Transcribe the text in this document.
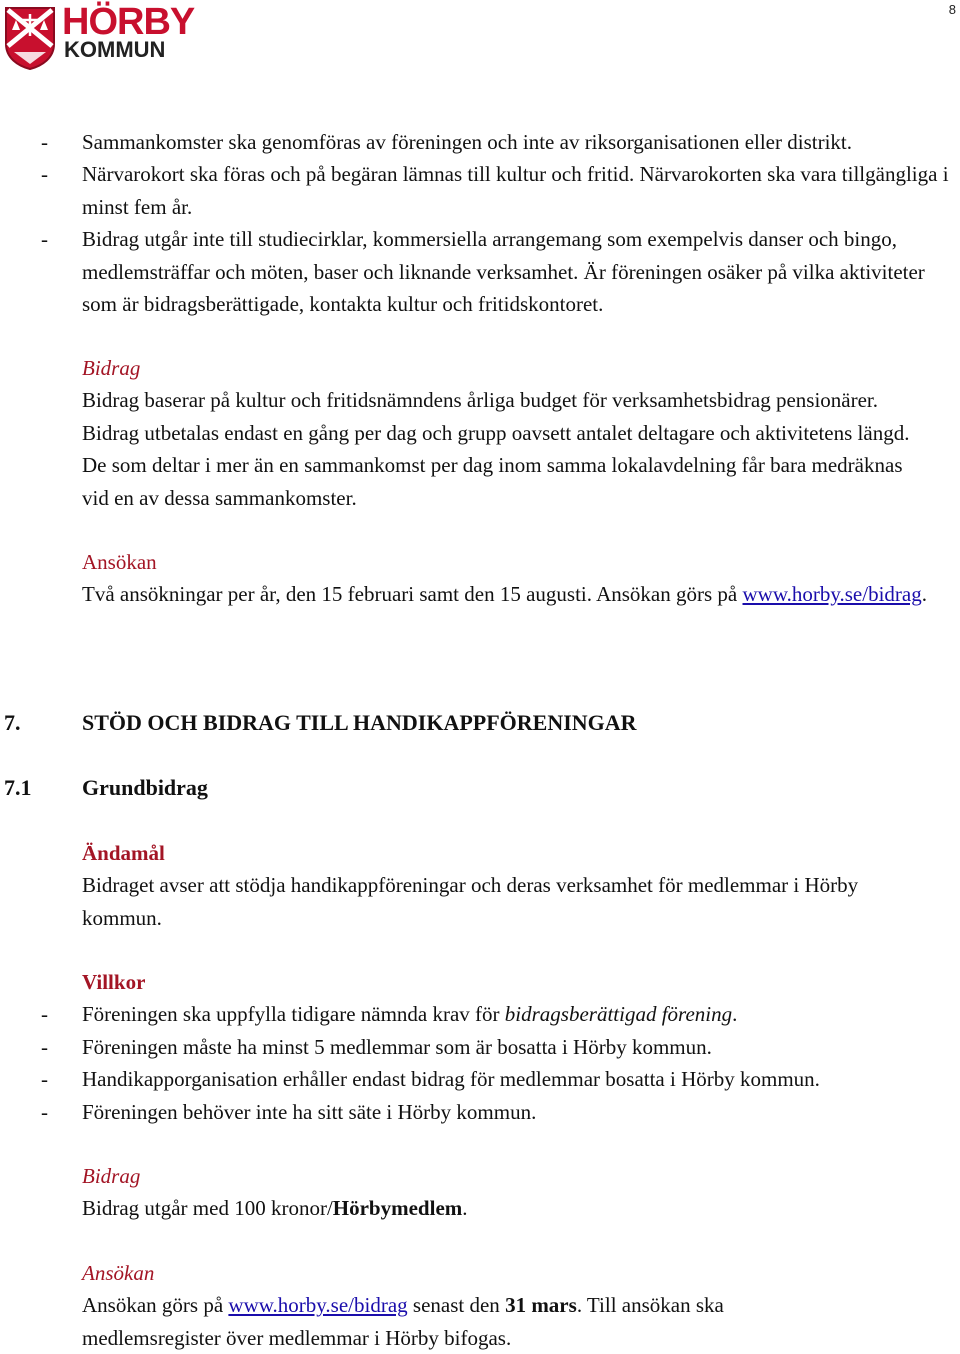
8
HÖRBY
KOMMUN
- Sammankomster ska genomföras av föreningen och inte av riksorganisationen eller distrikt.
- Närvarokort ska föras och på begäran lämnas till kultur och fritid. Närvarokorten ska vara tillgängliga i minst fem år.
- Bidrag utgår inte till studiecirklar, kommersiella arrangemang som exempelvis danser och bingo, medlemsträffar och möten, baser och liknande verksamhet. Är föreningen osäker på vilka aktiviteter som är bidragsberättigade, kontakta kultur och fritidskontoret.
Bidrag
Bidrag baserar på kultur och fritidsnämndens årliga budget för verksamhetsbidrag pensionärer. Bidrag utbetalas endast en gång per dag och grupp oavsett antalet deltagare och aktivitetens längd. De som deltar i mer än en sammankomst per dag inom samma lokalavdelning får bara medräknas vid en av dessa sammankomster.
Ansökan
Två ansökningar per år, den 15 februari samt den 15 augusti. Ansökan görs på www.horby.se/bidrag.
7.	STÖD OCH BIDRAG TILL HANDIKAPPFÖRENINGAR
7.1 Grundbidrag
Ändamål
Bidraget avser att stödja handikappföreningar och deras verksamhet för medlemmar i Hörby kommun.
Villkor
- Föreningen ska uppfylla tidigare nämnda krav för bidragsberättigad förening.
- Föreningen måste ha minst 5 medlemmar som är bosatta i Hörby kommun.
- Handikapporganisation erhåller endast bidrag för medlemmar bosatta i Hörby kommun.
- Föreningen behöver inte ha sitt säte i Hörby kommun.
Bidrag
Bidrag utgår med 100 kronor/Hörbymedlem.
Ansökan
Ansökan görs på www.horby.se/bidrag senast den 31 mars. Till ansökan ska medlemsregister över medlemmar i Hörby bifogas.
